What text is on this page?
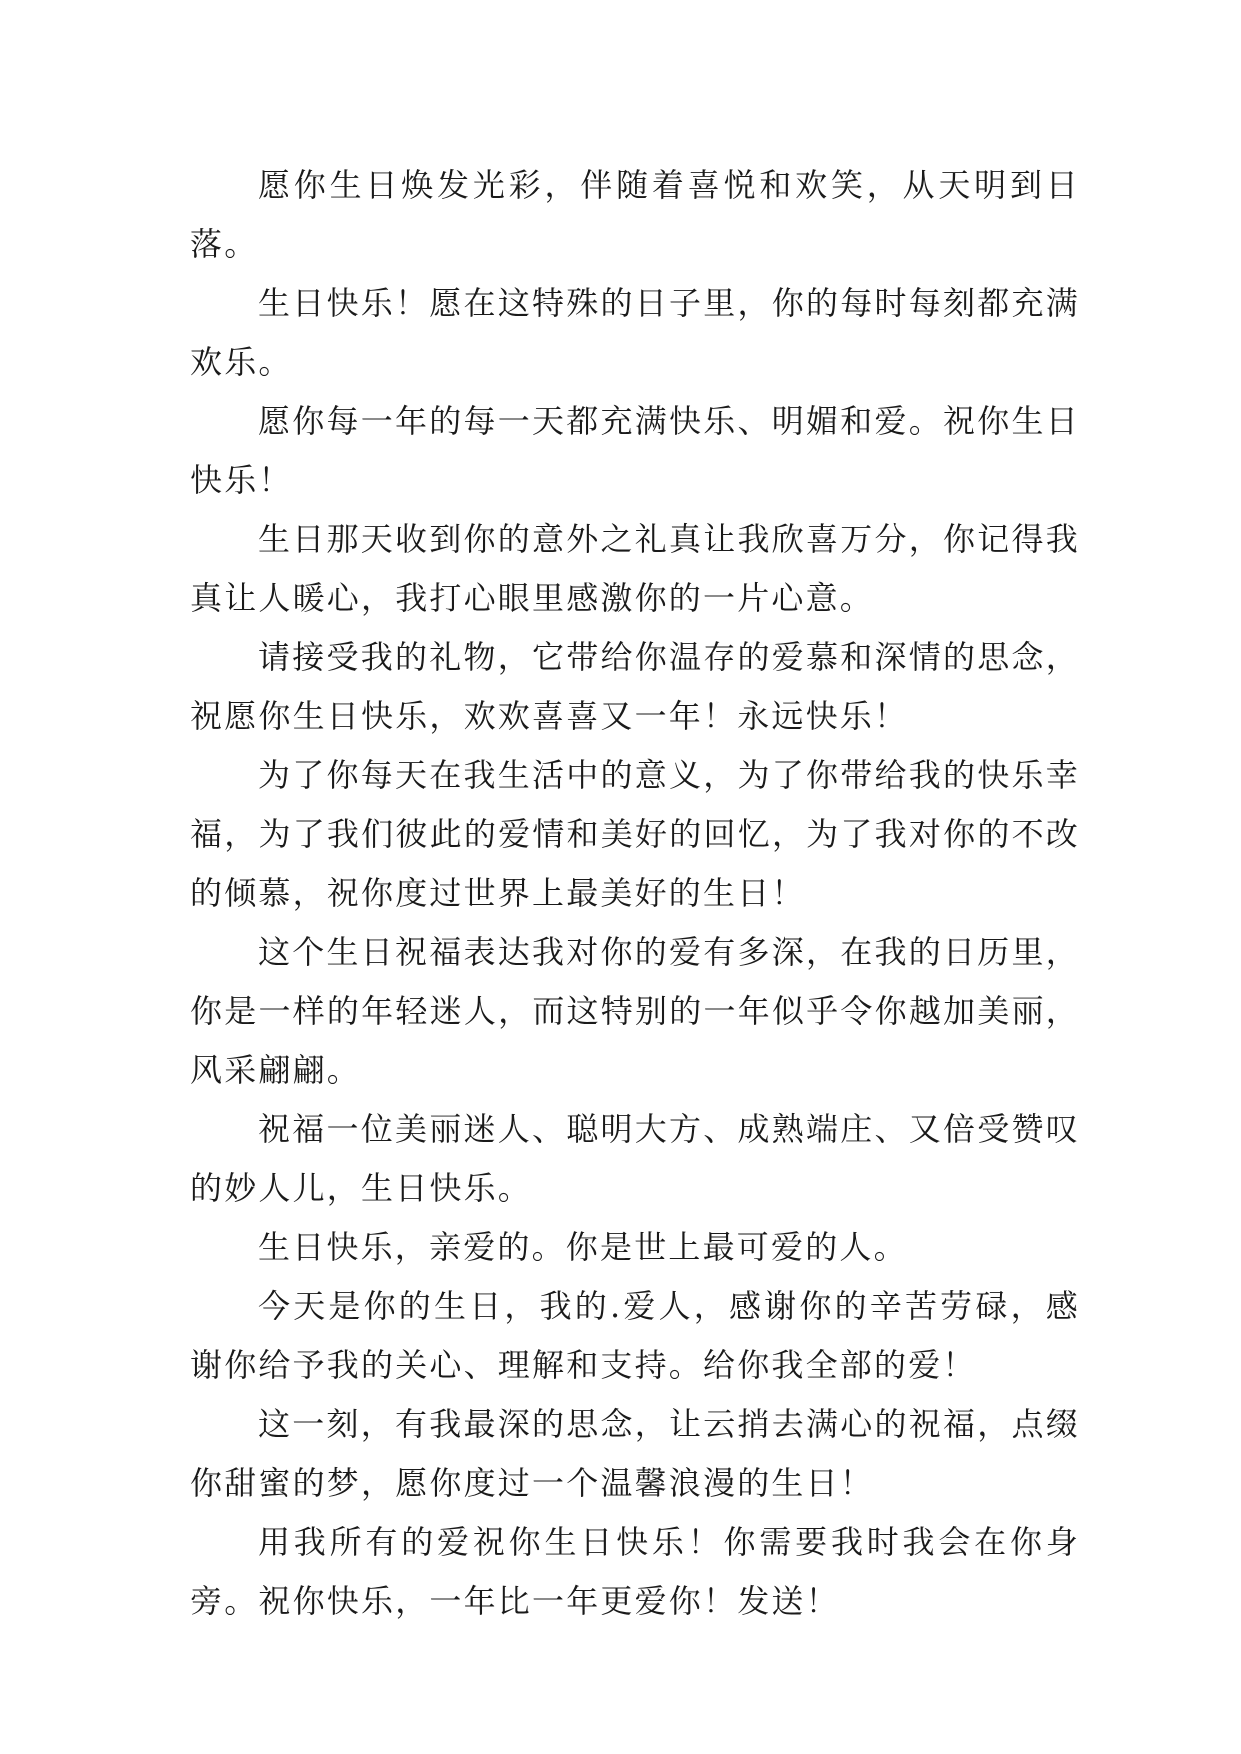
愿你生日焕发光彩，伴随着喜悦和欢笑，从天明到日落。

生日快乐！愿在这特殊的日子里，你的每时每刻都充满欢乐。

愿你每一年的每一天都充满快乐、明媚和爱。祝你生日快乐！

生日那天收到你的意外之礼真让我欣喜万分，你记得我真让人暖心，我打心眼里感激你的一片心意。

请接受我的礼物，它带给你温存的爱慕和深情的思念，祝愿你生日快乐，欢欢喜喜又一年！永远快乐！

为了你每天在我生活中的意义，为了你带给我的快乐幸福，为了我们彼此的爱情和美好的回忆，为了我对你的不改的倾慕，祝你度过世界上最美好的生日！

这个生日祝福表达我对你的爱有多深，在我的日历里，你是一样的年轻迷人，而这特别的一年似乎令你越加美丽，风采翩翩。

祝福一位美丽迷人、聪明大方、成熟端庄、又倍受赞叹的妙人儿，生日快乐。

生日快乐，亲爱的。你是世上最可爱的人。

今天是你的生日，我的.爱人，感谢你的辛苦劳碌，感谢你给予我的关心、理解和支持。给你我全部的爱！

这一刻，有我最深的思念，让云捎去满心的祝福，点缀你甜蜜的梦，愿你度过一个温馨浪漫的生日！

用我所有的爱祝你生日快乐！你需要我时我会在你身旁。祝你快乐，一年比一年更爱你！发送！
